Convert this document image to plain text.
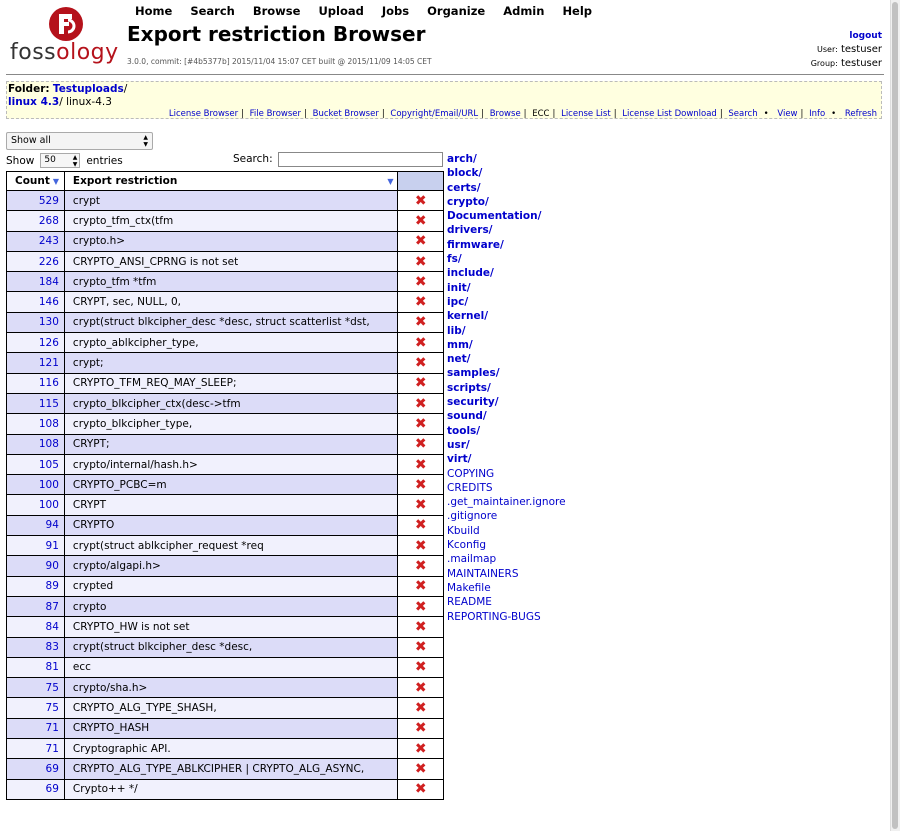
fossology
Home Search Browse Upload Jobs Organize Admin Help
Export restriction Browser
3.0.0, commit: [#4b5377b] 2015/11/04 15:07 CET built @ 2015/11/09 14:05 CET
logout
User: testuser
Group: testuser
Folder: Testuploads/
linux 4.3/ linux-4.3
License Browser | File Browser | Bucket Browser | Copyright/Email/URL | Browse | ECC | License List | License List Download | Search • View | Info • Refresh
Show all	▲
▼
Show	50	▲
▼ entries	Search:
Count ▼	Export restriction ▼	

529	crypt	✖
268	crypto_tfm_ctx(tfm	✖
243	crypto.h>	✖
226	CRYPTO_ANSI_CPRNG is not set	✖
184	crypto_tfm *tfm	✖
146	CRYPT, sec, NULL, 0,	✖
130	crypt(struct blkcipher_desc *desc, struct scatterlist *dst,	✖
126	crypto_ablkcipher_type,	✖
121	crypt;	✖
116	CRYPTO_TFM_REQ_MAY_SLEEP;	✖
115	crypto_blkcipher_ctx(desc->tfm	✖
108	crypto_blkcipher_type,	✖
108	CRYPT;	✖
105	crypto/internal/hash.h>	✖
100	CRYPTO_PCBC=m	✖
100	CRYPT	✖
94	CRYPTO	✖
91	crypt(struct ablkcipher_request *req	✖
90	crypto/algapi.h>	✖
89	crypted	✖
87	crypto	✖
84	CRYPTO_HW is not set	✖
83	crypt(struct blkcipher_desc *desc,	✖
81	ecc	✖
75	crypto/sha.h>	✖
75	CRYPTO_ALG_TYPE_SHASH,	✖
71	CRYPTO_HASH	✖
71	Cryptographic API.	✖
69	CRYPTO_ALG_TYPE_ABLKCIPHER | CRYPTO_ALG_ASYNC,	✖
69	Crypto++ */	✖
arch/
block/
certs/
crypto/
Documentation/
drivers/
firmware/
fs/
include/
init/
ipc/
kernel/
lib/
mm/
net/
samples/
scripts/
security/
sound/
tools/
usr/
virt/
COPYING
CREDITS
.get_maintainer.ignore
.gitignore
Kbuild
Kconfig
.mailmap
MAINTAINERS
Makefile
README
REPORTING-BUGS
